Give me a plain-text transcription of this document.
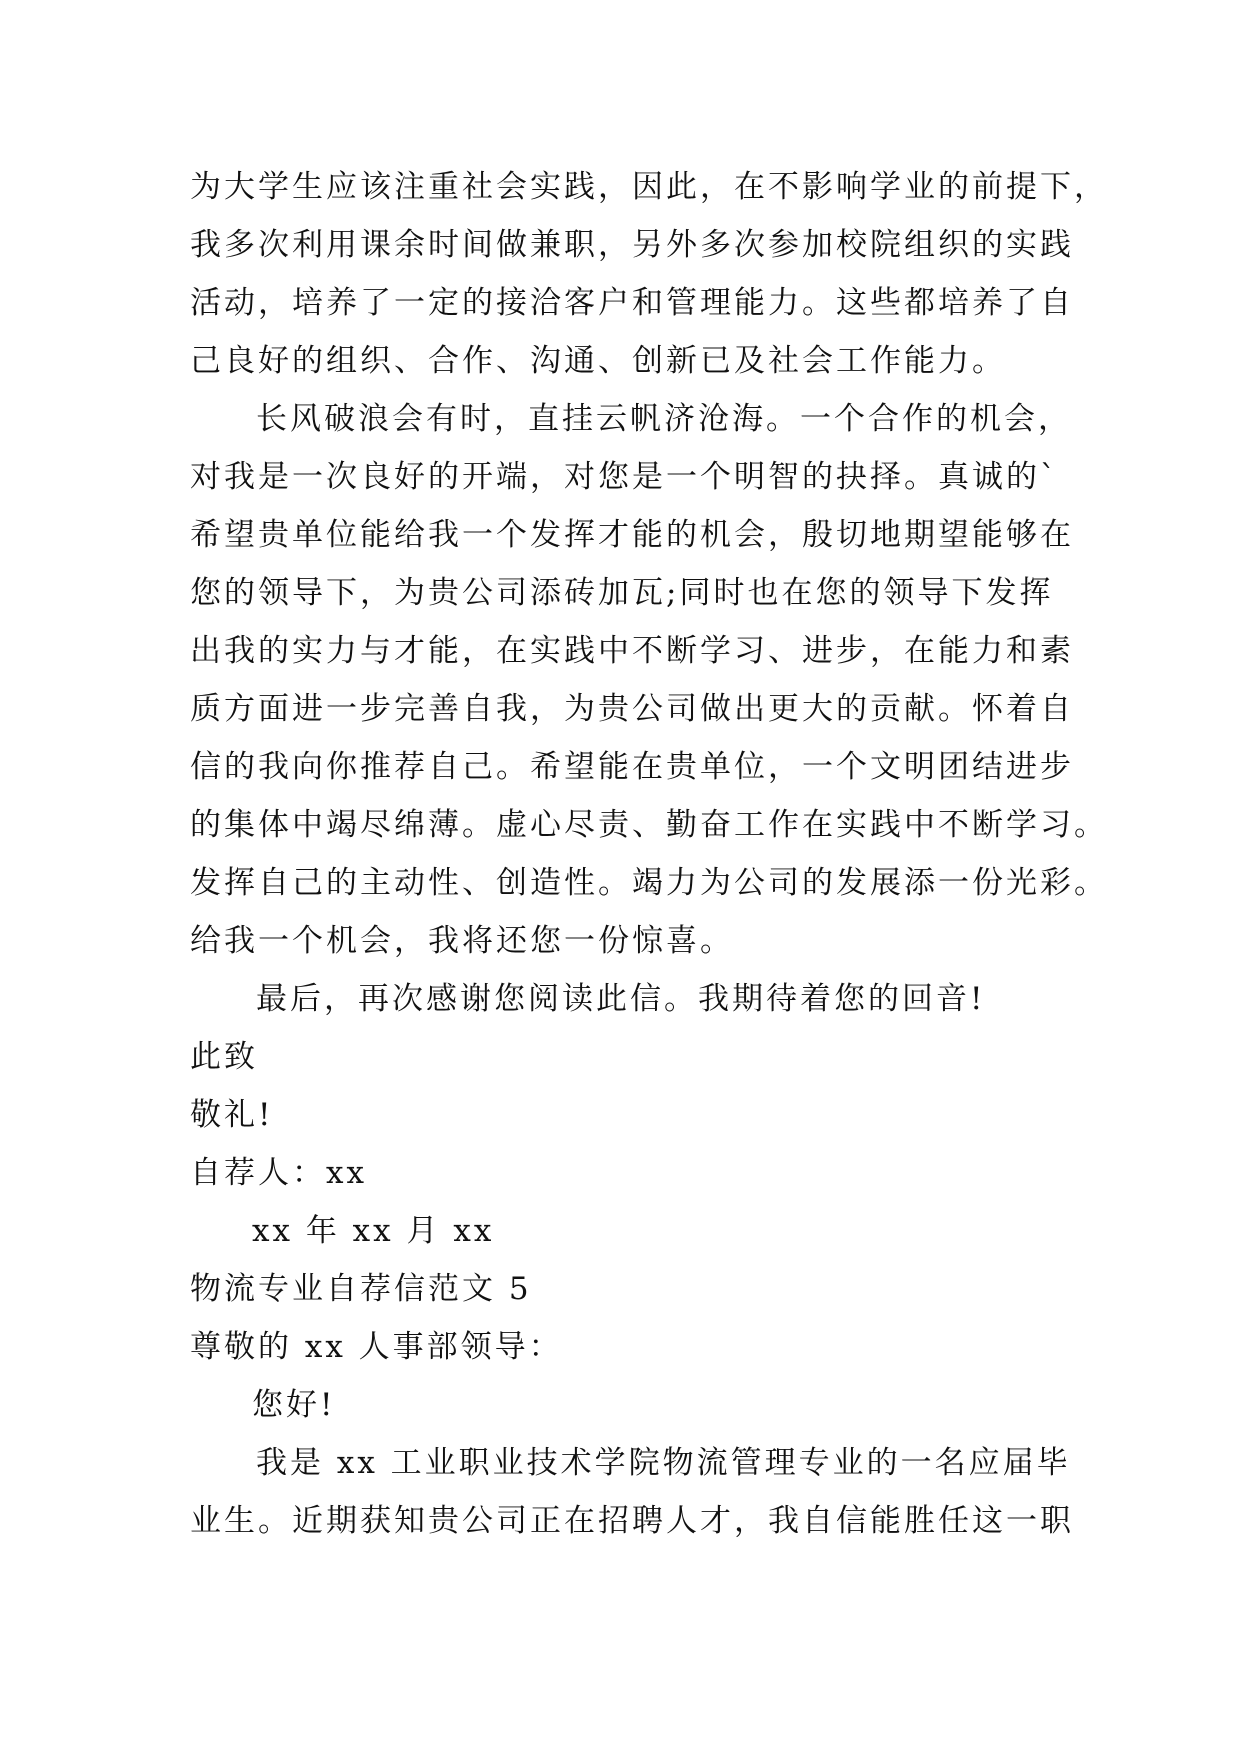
为大学生应该注重社会实践，因此，在不影响学业的前提下，
我多次利用课余时间做兼职，另外多次参加校院组织的实践
活动，培养了一定的接洽客户和管理能力。这些都培养了自
己良好的组织、合作、沟通、创新已及社会工作能力。
长风破浪会有时，直挂云帆济沧海。一个合作的机会，
对我是一次良好的开端，对您是一个明智的抉择。真诚的`
希望贵单位能给我一个发挥才能的机会，殷切地期望能够在
您的领导下，为贵公司添砖加瓦;同时也在您的领导下发挥
出我的实力与才能，在实践中不断学习、进步，在能力和素
质方面进一步完善自我，为贵公司做出更大的贡献。怀着自
信的我向你推荐自己。希望能在贵单位，一个文明团结进步
的集体中竭尽绵薄。虚心尽责、勤奋工作在实践中不断学习。
发挥自己的主动性、创造性。竭力为公司的发展添一份光彩。
给我一个机会，我将还您一份惊喜。
最后，再次感谢您阅读此信。我期待着您的回音!
此致
敬礼!
自荐人：xx
xx 年 xx 月 xx
物流专业自荐信范文 5
尊敬的 xx 人事部领导：
您好!
我是 xx 工业职业技术学院物流管理专业的一名应届毕
业生。近期获知贵公司正在招聘人才，我自信能胜任这一职
